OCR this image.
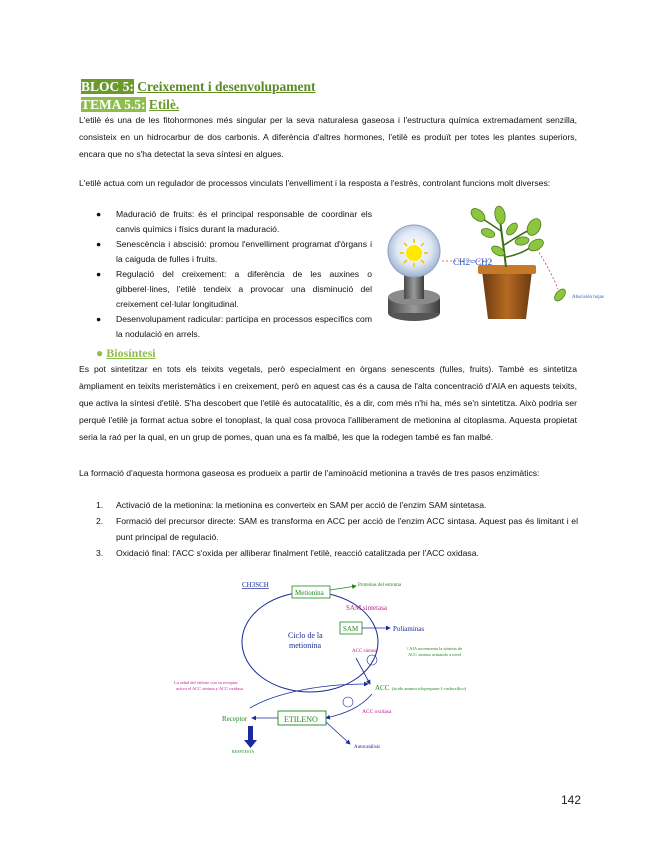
BLOC 5: Creixement i desenvolupament
TEMA 5.5: Etilè.

L'etilè és una de les fitohormones més singular per la seva naturalesa gaseosa i l'estructura química extremadament senzilla, consisteix en un hidrocarbur de dos carbonis. A diferència d'altres hormones, l'etilè es produït per totes les plantes superiors, encara que no s'ha detectat la seva síntesi en algues.

L'etilè actua com un regulador de processos vinculats l'envelliment i la resposta a l'estrès, controlant funcions molt diverses:

● Maduració de fruits: és el principal responsable de coordinar els canvis químics i físics durant la maduració.
● Senescència i abscisió: promou l'envelliment programat d'òrgans i la caiguda de fulles i fruits.
● Regulació del creixement: a diferència de les auxines o gibberel·lines, l'etilè tendeix a provocar una disminució del creixement cel·lular longitudinal.
● Desenvolupament radicular: participa en processos específics com la nodulació en arrels.
CH2=CH2
Abscisión hojas
● Biosíntesi

Es pot sintetitzar en tots els teixits vegetals, però especialment en òrgans senescents (fulles, fruits). També es sintetitza àmpliament en teixits meristemàtics i en creixement, però en aquest cas és a causa de l'alta concentració d'AIA en aquests teixits, que activa la síntesi d'etilè. S'ha descobert que l'etilè és autocatalític, és a dir, com més n'hi ha, més se'n sintetitza. Això podria ser perquè l'etilè ja format actua sobre el tonoplast, la qual cosa provoca l'alliberament de metionina al citoplasma. Aquesta propietat seria la raó per la qual, en un grup de pomes, quan una es fa malbé, les que la rodegen també es fan malbé.

La formació d'aquesta hormona gaseosa es produeix a partir de l'aminoàcid metionina a través de tres pasos enzimàtics:

1. Activació de la metionina: la metionina es converteix en SAM per acció de l'enzim SAM sintetasa.
2. Formació del precursor directe: SAM es transforma en ACC per acció de l'enzim ACC sintasa. Aquest pas és limitant i el punt principal de regulació.
3. Oxidació final: l'ACC s'oxida per alliberar finalment l'etilè, reacció catalitzada per l'ACC oxidasa.
CH3SCH
Metionina
Proteínas del estroma
SAM sintetasa
SAM	Poliaminas
Ciclo de la
metionina
ACC sintasa
↑ AIA incrementa la síntesis de
ACC sintasa actuando a nivel
ACC (ácido aminociclopropano-1-carboxílico)
ACC oxidasa
La señal del etileno con su receptor
activa el ACC sintasa y ACC oxidasa
ETILENO
Receptor
Autocatálisis
RESPUESTA
142
